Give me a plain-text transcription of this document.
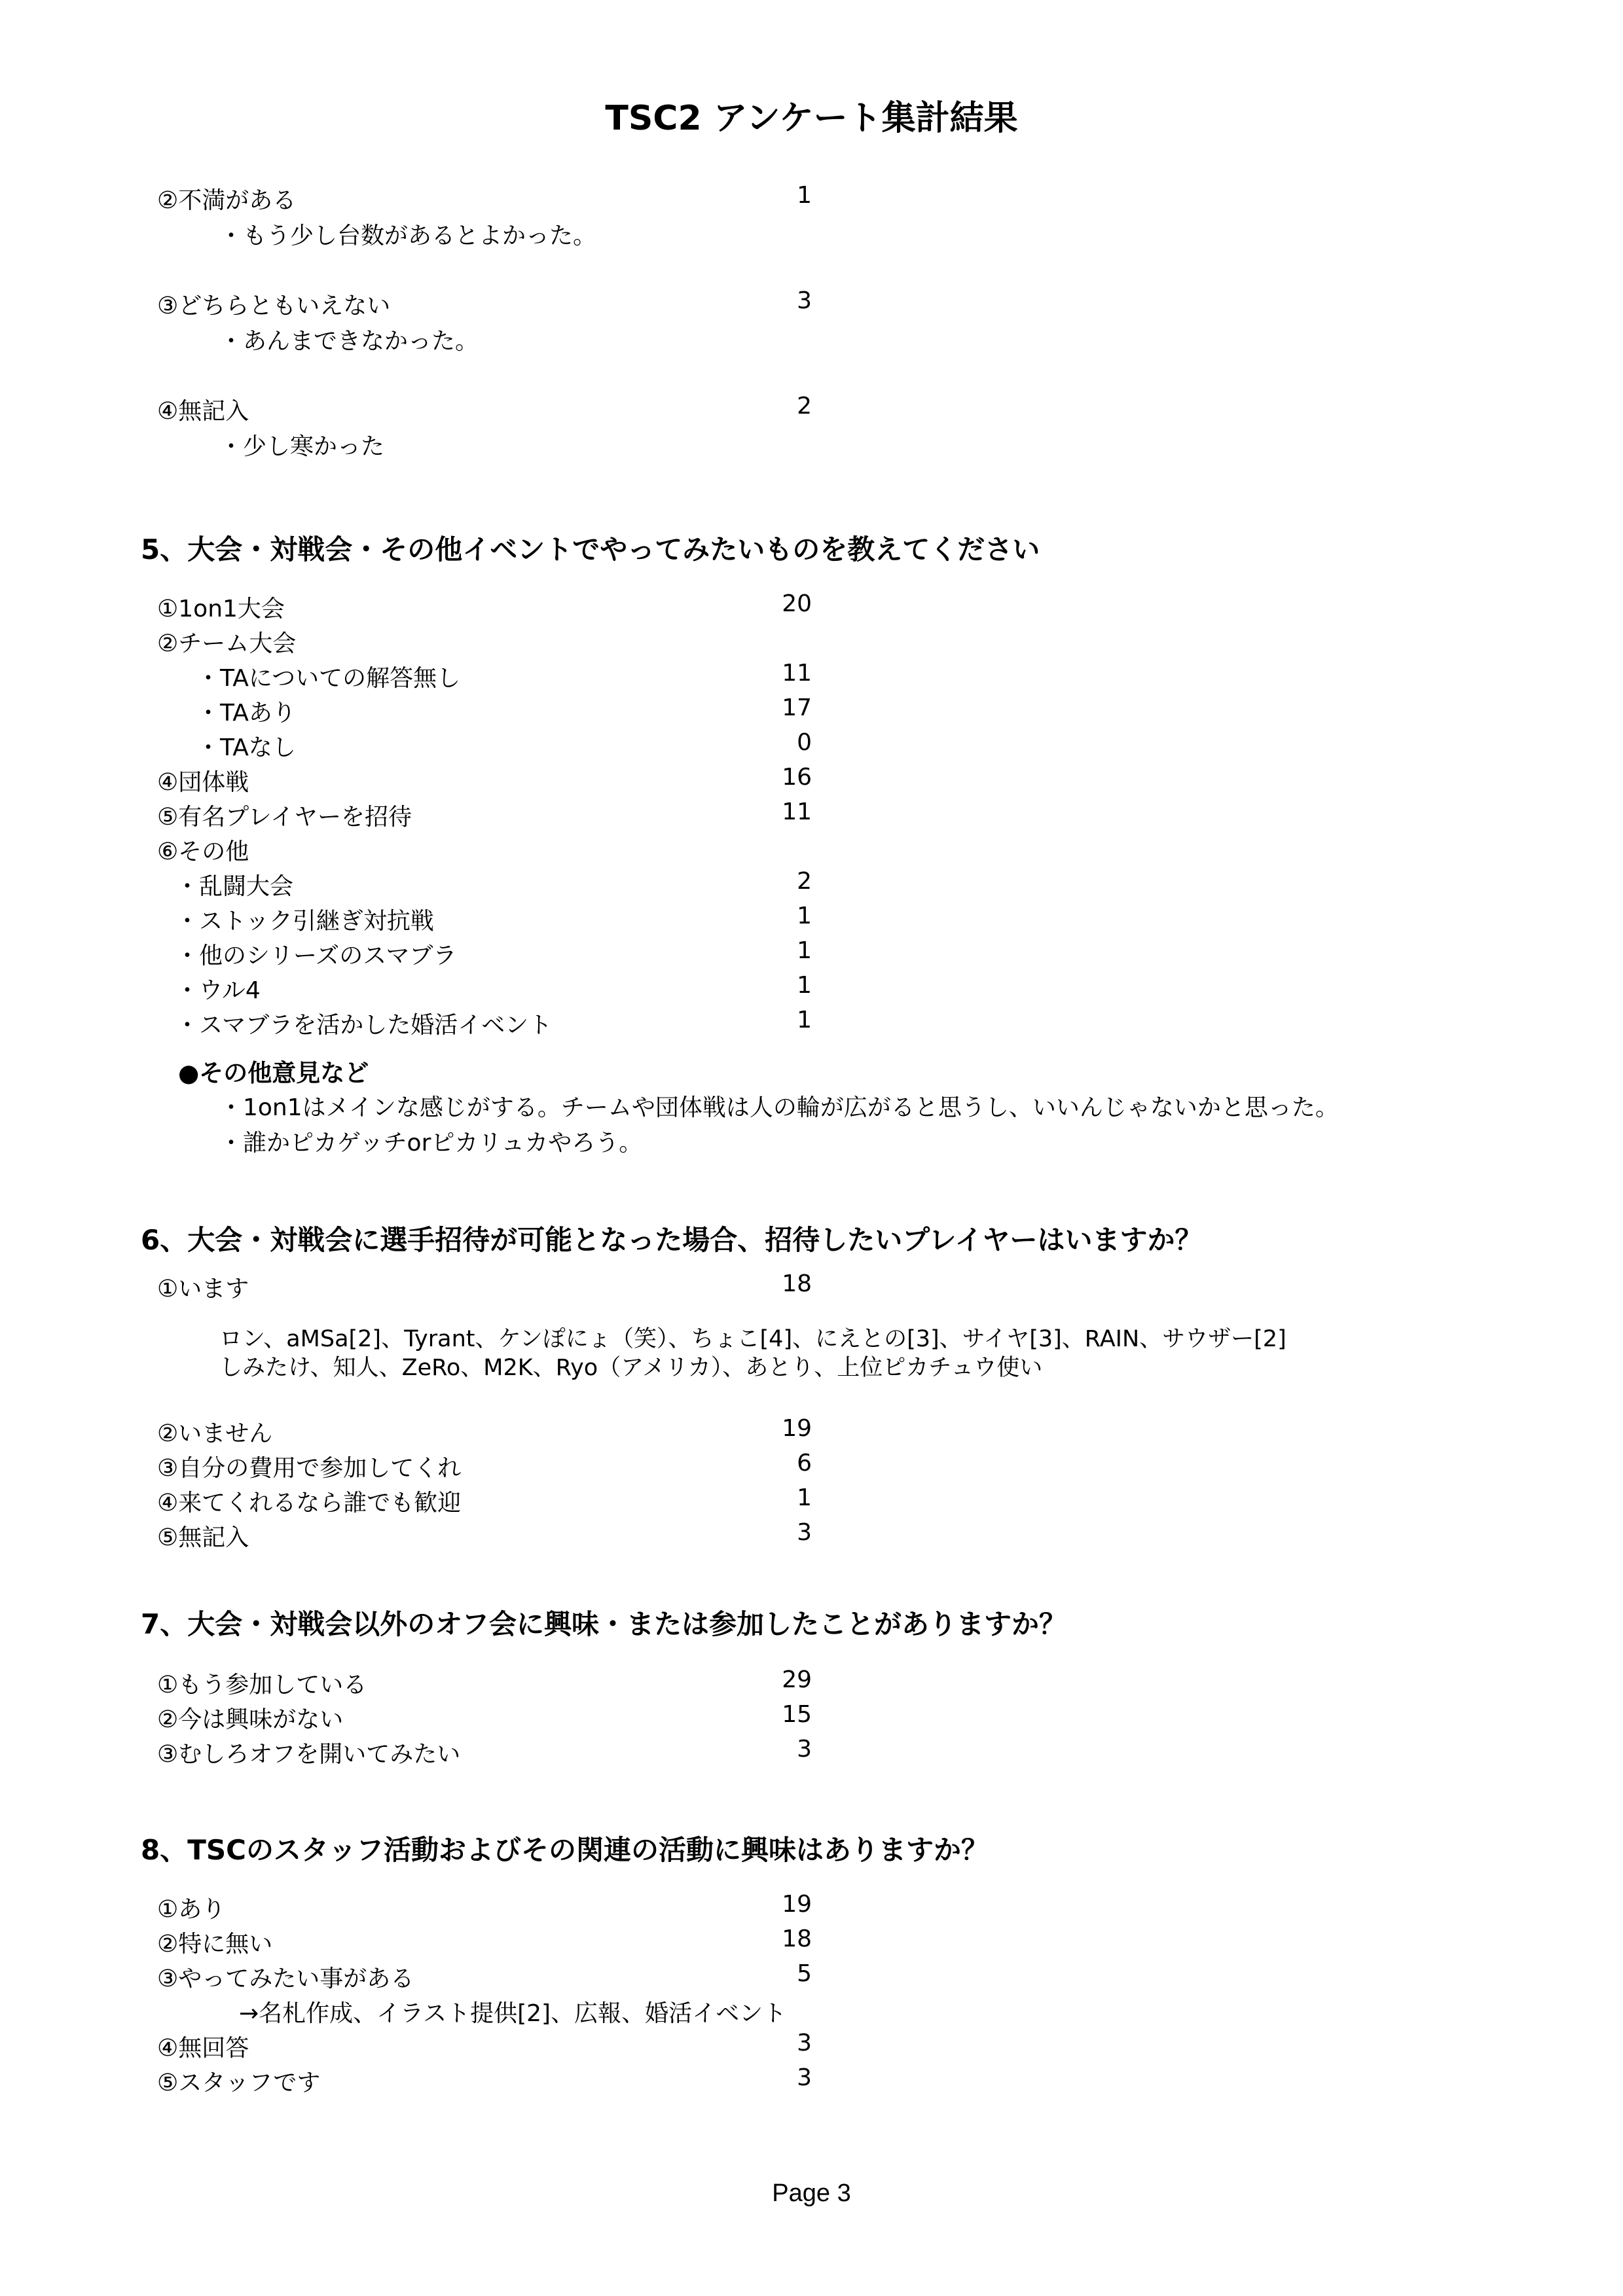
TSC2 アンケート集計結果
②不満がある	1
・もう少し台数があるとよかった。
③どちらともいえない	3
・あんまできなかった。
④無記入	2
・少し寒かった
5、大会・対戦会・その他イベントでやってみたいものを教えてください
①1on1大会	20
②チーム大会
・TAについての解答無し	11
・TAあり	17
・TAなし	0
④団体戦	16
⑤有名プレイヤーを招待	11
⑥その他
・乱闘大会	2
・ストック引継ぎ対抗戦	1
・他のシリーズのスマブラ	1
・ウル4	1
・スマブラを活かした婚活イベント	1
●その他意見など
・1on1はメインな感じがする。チームや団体戦は人の輪が広がると思うし、いいんじゃないかと思った。
・誰かピカゲッチorピカリュカやろう。
6、大会・対戦会に選手招待が可能となった場合、招待したいプレイヤーはいますか？
①います	18
ロン、aMSa[2]、Tyrant、ケンぽにょ（笑）、ちょこ[4]、にえとの[3]、サイヤ[3]、RAIN、サウザー[2]
しみたけ、知人、ZeRo、M2K、Ryo（アメリカ）、あとり、上位ピカチュウ使い
②いません	19
③自分の費用で参加してくれ	6
④来てくれるなら誰でも歓迎	1
⑤無記入	3
7、大会・対戦会以外のオフ会に興味・または参加したことがありますか？
①もう参加している	29
②今は興味がない	15
③むしろオフを開いてみたい	3
8、TSCのスタッフ活動およびその関連の活動に興味はありますか？
①あり	19
②特に無い	18
③やってみたい事がある	5
→名札作成、イラスト提供[2]、広報、婚活イベント
④無回答	3
⑤スタッフです	3
Page 3
